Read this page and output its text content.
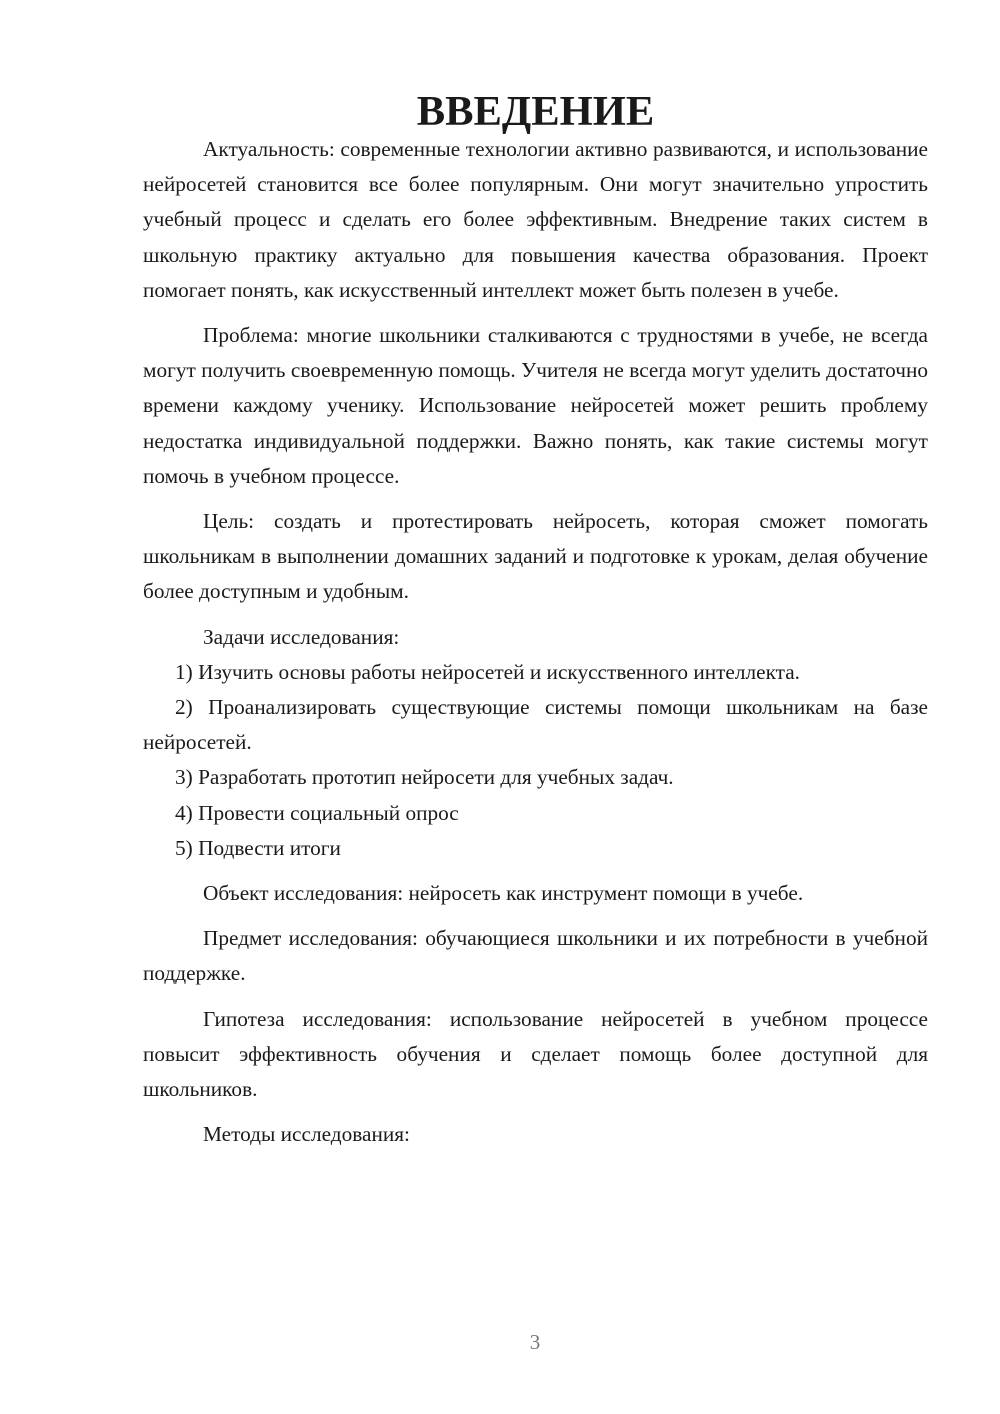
ВВЕДЕНИЕ

Актуальность: современные технологии активно развиваются, и использование нейросетей становится все более популярным. Они могут значительно упростить учебный процесс и сделать его более эффективным. Внедрение таких систем в школьную практику актуально для повышения качества образования. Проект помогает понять, как искусственный интеллект может быть полезен в учебе.

Проблема: многие школьники сталкиваются с трудностями в учебе, не всегда могут получить своевременную помощь. Учителя не всегда могут уделить достаточно времени каждому ученику. Использование нейросетей может решить проблему недостатка индивидуальной поддержки. Важно понять, как такие системы могут помочь в учебном процессе.

Цель: создать и протестировать нейросеть, которая сможет помогать школьникам в выполнении домашних заданий и подготовке к урокам, делая обучение более доступным и удобным.

Задачи исследования:

1) Изучить основы работы нейросетей и искусственного интеллекта.

2) Проанализировать существующие системы помощи школьникам на базе нейросетей.

3) Разработать прототип нейросети для учебных задач.

4) Провести социальный опрос

5) Подвести итоги

Объект исследования: нейросеть как инструмент помощи в учебе.

Предмет исследования: обучающиеся школьники и их потребности в учебной поддержке.

Гипотеза исследования: использование нейросетей в учебном процессе повысит эффективность обучения и сделает помощь более доступной для школьников.

Методы исследования:

3
